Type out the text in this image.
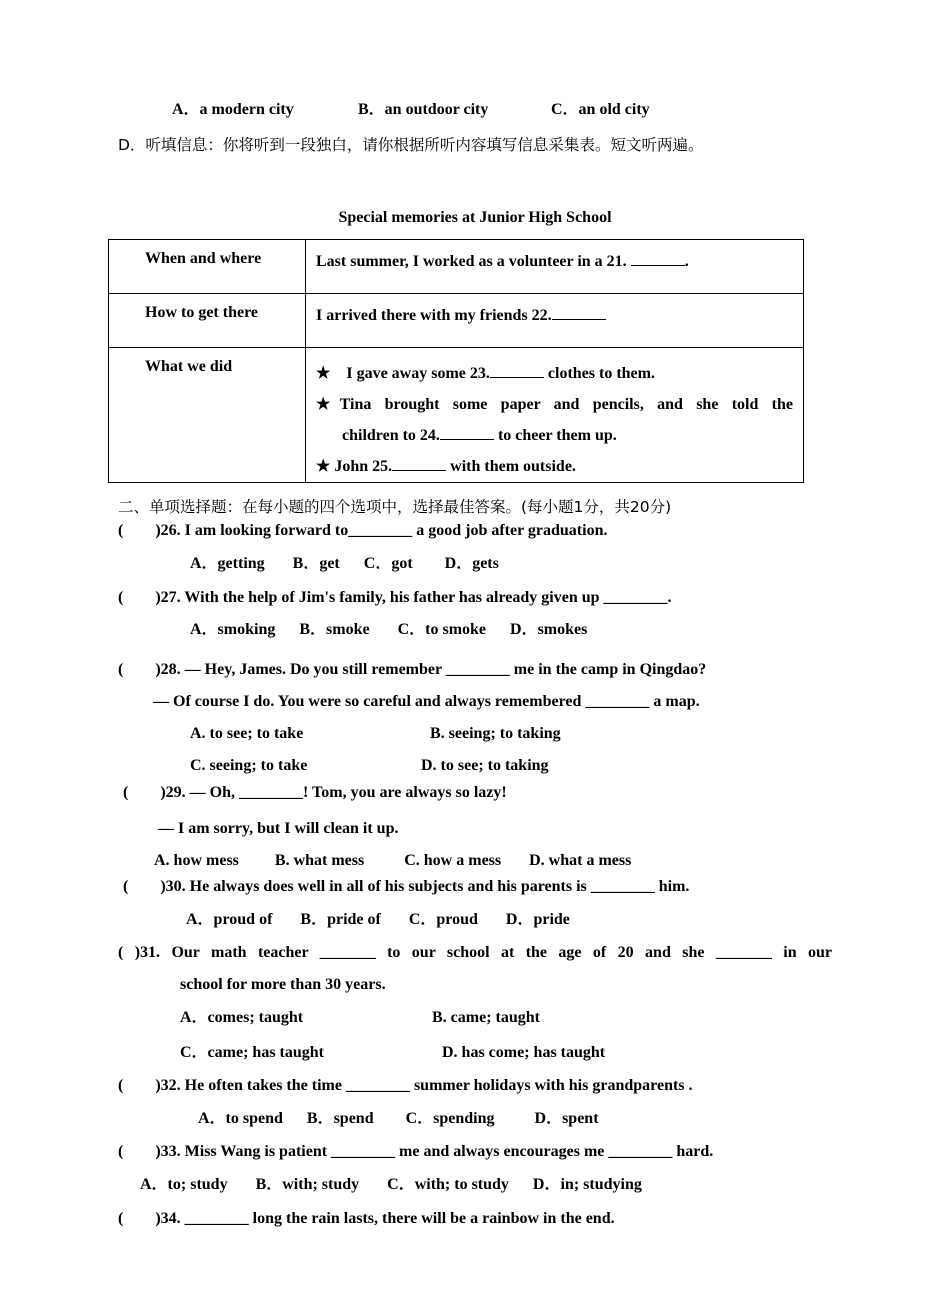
A．a modern city	B．an outdoor city	C．an old city
D．听填信息：你将听到一段独白，请你根据所听内容填写信息采集表。短文听两遍。
Special memories at Junior High School
When and where	Last summer, I worked as a volunteer in a 21. .
How to get there	I arrived there with my friends 22.
What we did	★　I gave away some 23. clothes to them.
★Tina brought some paper and pencils, and she told the
children to 24. to cheer them up.
★ John 25. with them outside.
二、单项选择题：在每小题的四个选项中，选择最佳答案。(每小题1分，共20分)
(        )26. I am looking forward to________ a good job after graduation.
A．getting       B．get      C．got        D．gets
(        )27. With the help of Jim's family, his father has already given up ________.
A．smoking      B．smoke       C．to smoke      D．smokes
(        )28. — Hey, James. Do you still remember ________ me in the camp in Qingdao?
— Of course I do. You were so careful and always remembered ________ a map.
A. to see; to take	B. seeing; to taking
C. seeing; to take	D. to see; to taking
(        )29. — Oh, ________! Tom, you are always so lazy!
— I am sorry, but I will clean it up.
A. how mess         B. what mess          C. how a mess       D. what a mess
(        )30. He always does well in all of his subjects and his parents is ________ him.
A．proud of       B．pride of       C．proud       D．pride
( )31. Our math teacher _______ to our school at the age of 20 and she _______ in our
school for more than 30 years.
A．comes; taught	B. came; taught
C．came; has taught	D. has come; has taught
(        )32. He often takes the time ________ summer holidays with his grandparents .
A．to spend      B．spend        C．spending          D．spent
(        )33. Miss Wang is patient ________ me and always encourages me ________ hard.
A．to; study       B．with; study       C．with; to study      D．in; studying
(        )34. ________ long the rain lasts, there will be a rainbow in the end.
